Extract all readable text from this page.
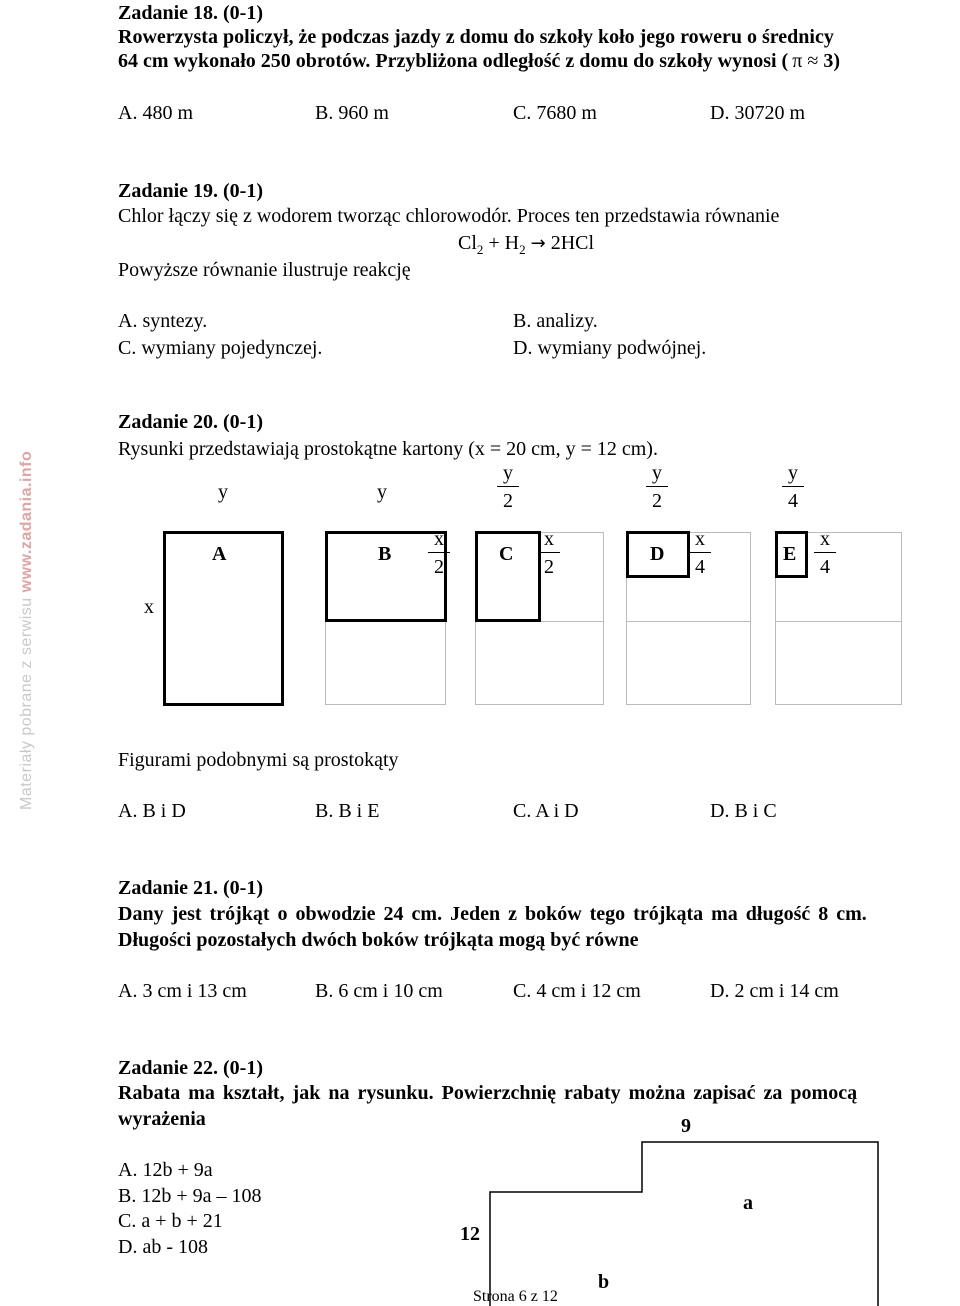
Materiały pobrane z serwisu www.zadania.info
Zadanie 18. (0-1)
Rowerzysta policzył, że podczas jazdy z domu do szkoły koło jego roweru o średnicy
64 cm wykonało 250 obrotów. Przybliżona odległość z domu do szkoły wynosi ( π ≈ 3)
A. 480 m	B. 960 m	C. 7680 m	D. 30720 m
Zadanie 19. (0-1)
Chlor łączy się z wodorem tworząc chlorowodór. Proces ten przedstawia równanie
$Cl_2 + H_2 \to 2HCl$
Powyższe równanie ilustruje reakcję
A. syntezy.	B. analizy.
C. wymiany pojedynczej.	D. wymiany podwójnej.
Zadanie 20. (0-1)
Rysunki przedstawiają prostokątne kartony (x = 20 cm, y = 12 cm).
y	y
y
2
y
2
y
4
x
A	B	C	D	E
x
2
x
2
x
4
x
4
Figurami podobnymi są prostokąty
A. B i D	B. B i E	C. A i D	D. B i C
Zadanie 21. (0-1)
Dany jest trójkąt o obwodzie 24 cm. Jeden z boków tego trójkąta ma długość 8 cm.
Długości pozostałych dwóch boków trójkąta mogą być równe
A. 3 cm i 13 cm	B. 6 cm i 10 cm	C. 4 cm i 12 cm	D. 2 cm i 14 cm
Zadanie 22. (0-1)
Rabata ma kształt, jak na rysunku. Powierzchnię rabaty można zapisać za pomocą
wyrażenia
A. 12b + 9a
B. 12b + 9a – 108
C. a + b + 21
D. ab - 108
9
a
12
b
Strona 6 z 12
